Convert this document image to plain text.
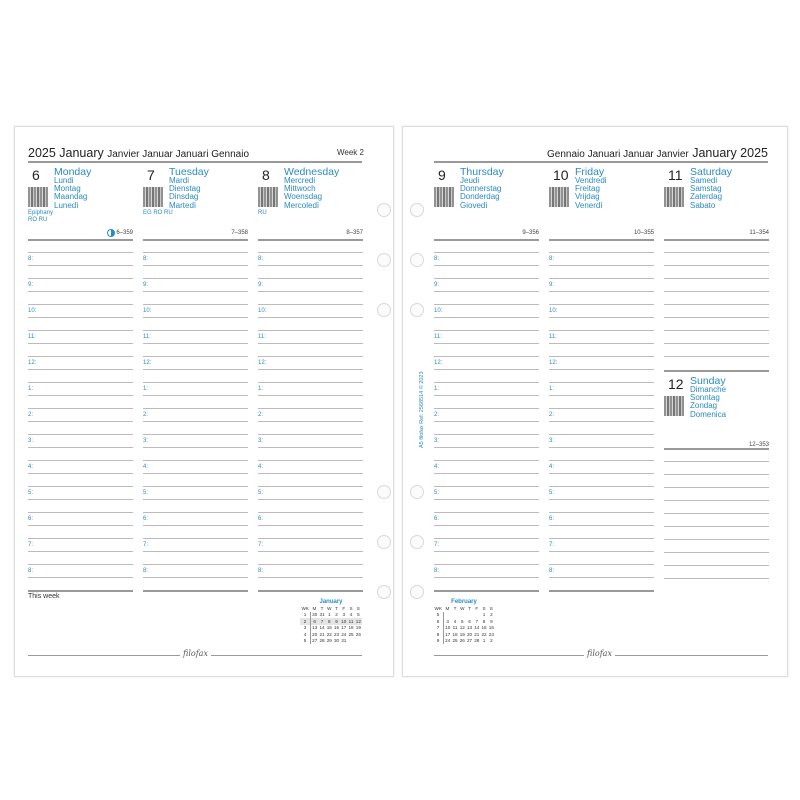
2025 January Janvier Januar Januari Gennaio	Week 2	Gennaio Januari Januar Janvier January 2025
6 Monday
Lundi
Montag
Maandag
Lunedì
Epiphany
RO RU
6–359
8:
9:
10:
11:
12:
1:
2:
3:
4:
5:
6:
7:
8:
7 Tuesday
Mardi
Dienstag
Dinsdag
Martedì
EG RO RU
7–358
8:
9:
10:
11:
12:
1:
2:
3:
4:
5:
6:
7:
8:
8 Wednesday
Mercredi
Mittwoch
Woensdag
Mercoledì
RU
8–357
8:
9:
10:
11:
12:
1:
2:
3:
4:
5:
6:
7:
8:
9 Thursday
Jeudi
Donnerstag
Donderdag
Giovedì
9–356
8:
9:
10:
11:
12:
1:
2:
3:
4:
5:
6:
7:
8:
10 Friday
Vendredi
Freitag
Vrijdag
Venerdì
10–355
8:
9:
10:
11:
12:
1:
2:
3:
4:
5:
6:
7:
8:
11 Saturday
Samedi
Samstag
Zaterdag
Sabato
11–354
12 Sunday
Dimanche
Sonntag
Zondag
Domenica
12–353
This week
January
WK	M	T	W	T	F	S	S
1	30	31	1	2	3	4	5
2	6	7	8	9	10	11	12
3	13	14	15	16	17	18	19
4	20	21	22	23	24	25	26
5	27	28	29	30	31		
February
WK	M	T	W	T	F	S	S
5						1	2
6	3	4	5	6	7	8	9
7	10	11	12	13	14	15	16
8	17	18	19	20	21	22	23
9	24	25	26	27	28	1	2
filofax	filofax
A5 filofax Ref: 2568514 © 2023
